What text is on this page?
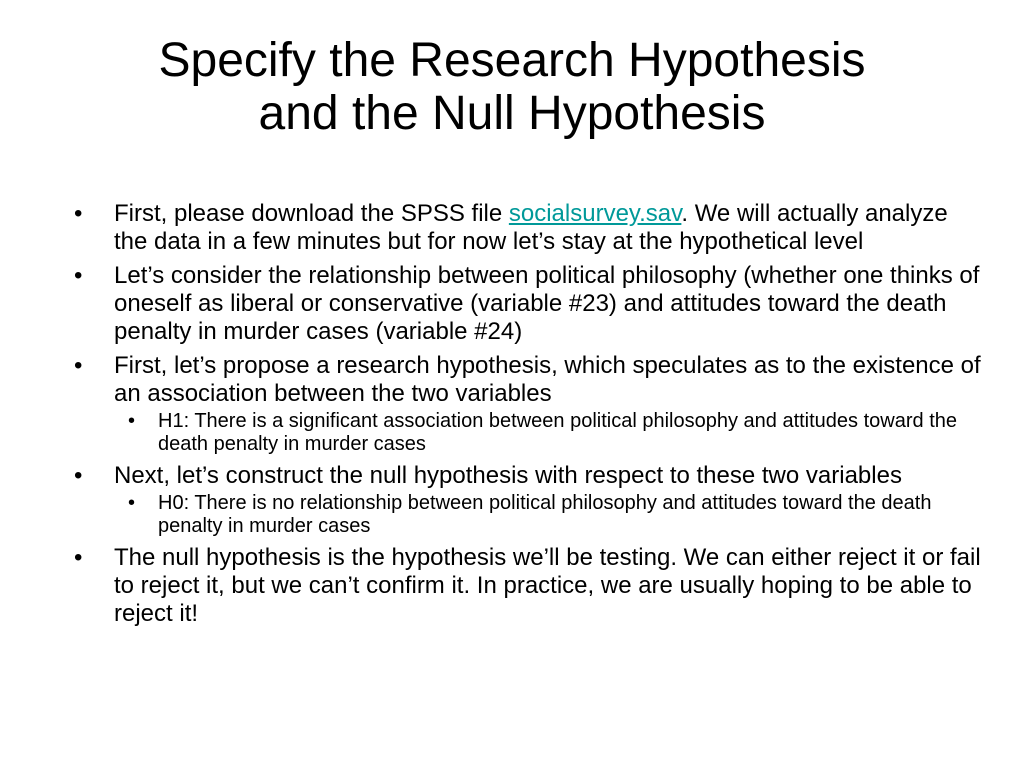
Specify the Research Hypothesis
and the Null Hypothesis
• First, please download the SPSS file socialsurvey.sav. We will actually analyze the data in a few minutes but for now let’s stay at the hypothetical level
• Let’s consider the relationship between political philosophy (whether one thinks of oneself as liberal or conservative (variable #23) and attitudes toward the death penalty in murder cases (variable #24)
• First, let’s propose a research hypothesis, which speculates as to the existence of an association between the two variables
• H1: There is a significant association between political philosophy and attitudes toward the death penalty in murder cases
• Next, let’s construct the null hypothesis with respect to these two variables
• H0: There is no relationship between political philosophy and attitudes toward the death penalty in murder cases
• The null hypothesis is the hypothesis we’ll be testing. We can either reject it or fail to reject it, but we can’t confirm it. In practice, we are usually hoping to be able to reject it!
